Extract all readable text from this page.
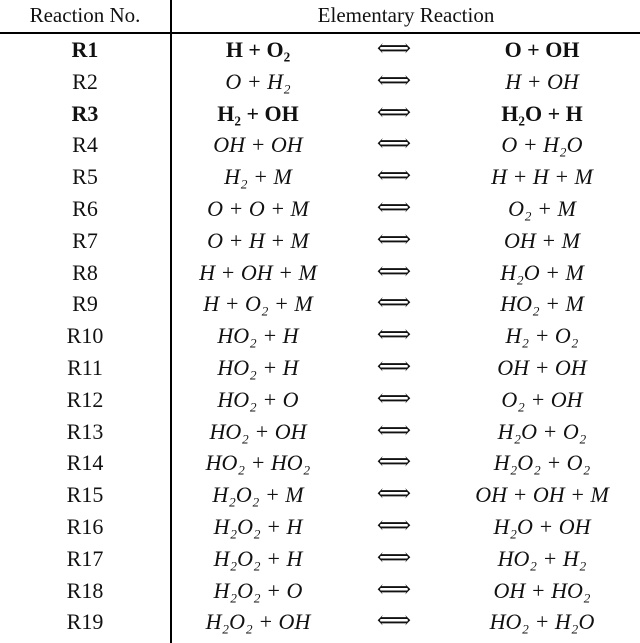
Reaction No.	Elementary Reaction
R1	H + O₂	⟺	O + OH
R2	O + H₂	⟺	H + OH
R3	H₂ + OH	⟺	H₂O + H
R4	OH + OH	⟺	O + H₂O
R5	H₂ + M	⟺	H + H + M
R6	O + O + M	⟺	O₂ + M
R7	O + H + M	⟺	OH + M
R8	H + OH + M	⟺	H₂O + M
R9	H + O₂ + M	⟺	HO₂ + M
R10	HO₂ + H	⟺	H₂ + O₂
R11	HO₂ + H	⟺	OH + OH
R12	HO₂ + O	⟺	O₂ + OH
R13	HO₂ + OH	⟺	H₂O + O₂
R14	HO₂ + HO₂	⟺	H₂O₂ + O₂
R15	H₂O₂ + M	⟺	OH + OH + M
R16	H₂O₂ + H	⟺	H₂O + OH
R17	H₂O₂ + H	⟺	HO₂ + H₂
R18	H₂O₂ + O	⟺	OH + HO₂
R19	H₂O₂ + OH	⟺	HO₂ + H₂O
